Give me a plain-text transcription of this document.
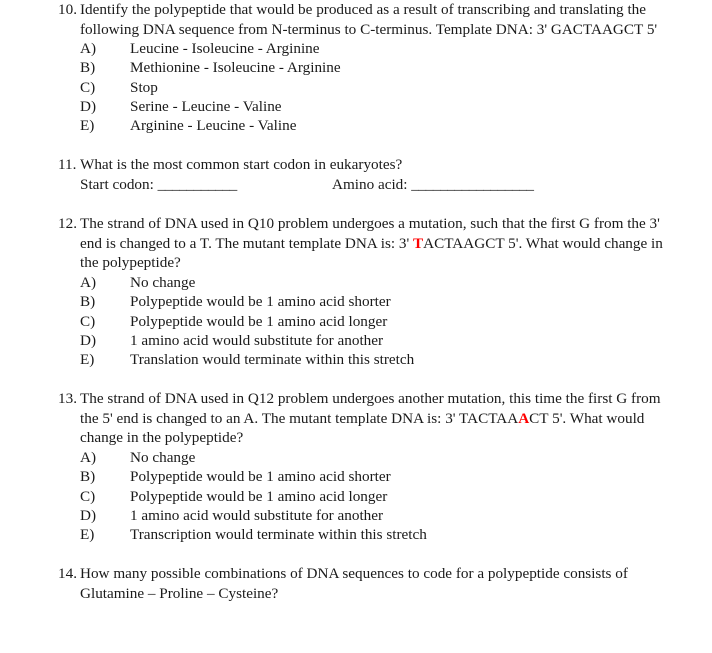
10. Identify the polypeptide that would be produced as a result of transcribing and translating the following DNA sequence from N-terminus to C-terminus. Template DNA: 3' GACTAAGCT 5'
A)	Leucine - Isoleucine - Arginine
B)	Methionine - Isoleucine - Arginine
C)	Stop
D)	Serine - Leucine - Valine
E)	Arginine - Leucine - Valine
11. What is the most common start codon in eukaryotes?
Start codon: ___________	Amino acid: _________________
12. The strand of DNA used in Q10 problem undergoes a mutation, such that the first G from the 3' end is changed to a T. The mutant template DNA is: 3' TACTAAGCT 5'. What would change in the polypeptide?
A)	No change
B)	Polypeptide would be 1 amino acid shorter
C)	Polypeptide would be 1 amino acid longer
D)	1 amino acid would substitute for another
E)	Translation would terminate within this stretch
13. The strand of DNA used in Q12 problem undergoes another mutation, this time the first G from the 5' end is changed to an A. The mutant template DNA is: 3' TACTAAACT 5'. What would change in the polypeptide?
A)	No change
B)	Polypeptide would be 1 amino acid shorter
C)	Polypeptide would be 1 amino acid longer
D)	1 amino acid would substitute for another
E)	Transcription would terminate within this stretch
14. How many possible combinations of DNA sequences to code for a polypeptide consists of Glutamine – Proline – Cysteine?
